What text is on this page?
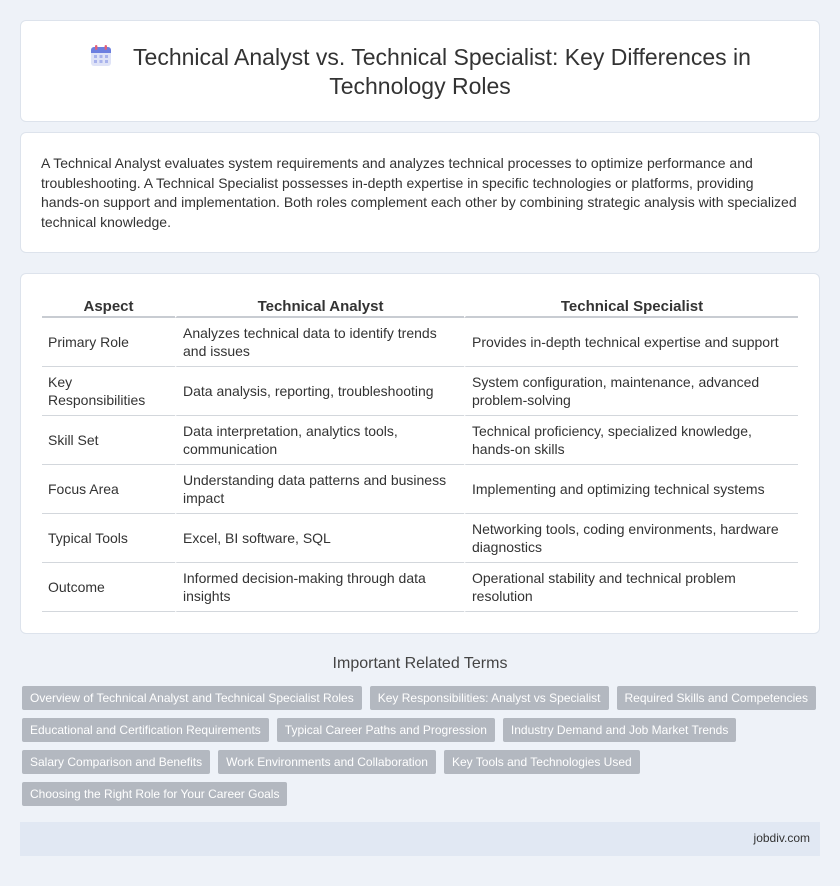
Technical Analyst vs. Technical Specialist: Key Differences in Technology Roles

A Technical Analyst evaluates system requirements and analyzes technical processes to optimize performance and troubleshooting. A Technical Specialist possesses in-depth expertise in specific technologies or platforms, providing hands-on support and implementation. Both roles complement each other by combining strategic analysis with specialized technical knowledge.

Aspect	Technical Analyst	Technical Specialist
Primary Role	Analyzes technical data to identify trends and issues	Provides in-depth technical expertise and support
Key Responsibilities	Data analysis, reporting, troubleshooting	System configuration, maintenance, advanced problem-solving
Skill Set	Data interpretation, analytics tools, communication	Technical proficiency, specialized knowledge, hands-on skills
Focus Area	Understanding data patterns and business impact	Implementing and optimizing technical systems
Typical Tools	Excel, BI software, SQL	Networking tools, coding environments, hardware diagnostics
Outcome	Informed decision-making through data insights	Operational stability and technical problem resolution
Important Related Terms
Overview of Technical Analyst and Technical Specialist Roles	Key Responsibilities: Analyst vs Specialist	Required Skills and Competencies
Educational and Certification Requirements	Typical Career Paths and Progression	Industry Demand and Job Market Trends
Salary Comparison and Benefits	Work Environments and Collaboration	Key Tools and Technologies Used
Choosing the Right Role for Your Career Goals
jobdiv.com
